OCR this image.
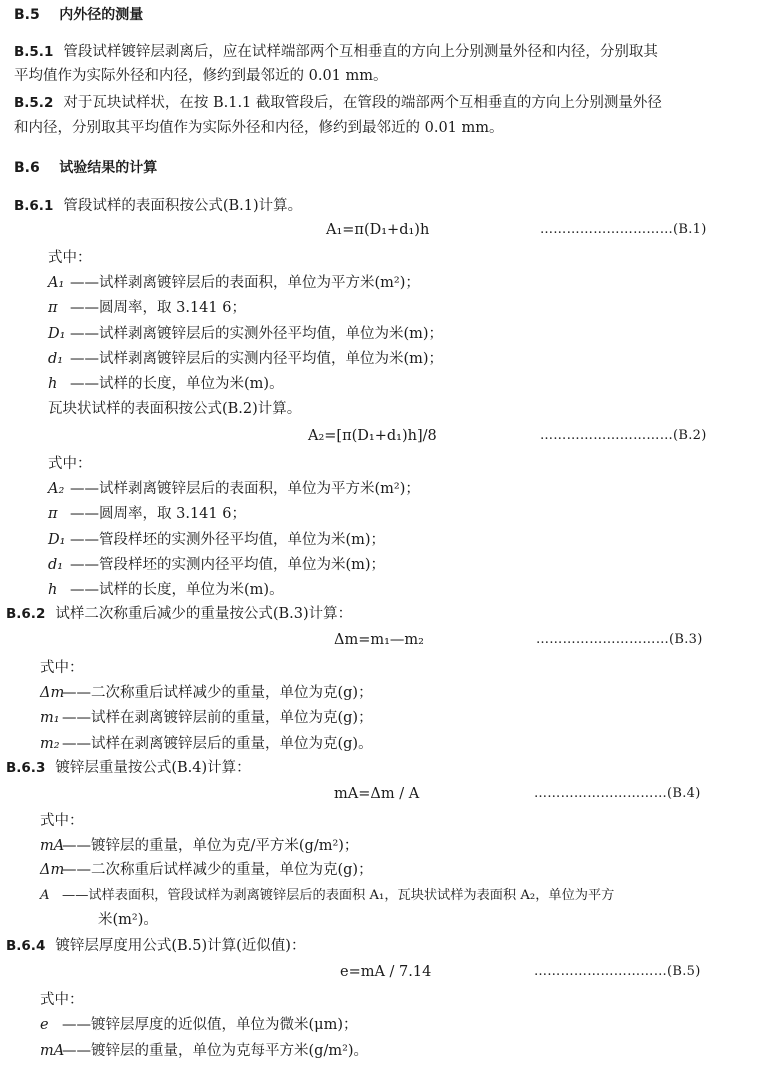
B.5 内外径的测量
B.5.1 管段试样镀锌层剥离后，应在试样端部两个互相垂直的方向上分别测量外径和内径，分别取其
平均值作为实际外径和内径，修约到最邻近的 0.01 mm。
B.5.2 对于瓦块试样状，在按 B.1.1 截取管段后，在管段的端部两个互相垂直的方向上分别测量外径
和内径，分别取其平均值作为实际外径和内径，修约到最邻近的 0.01 mm。
B.6 试验结果的计算
B.6.1 管段试样的表面积按公式(B.1)计算。
A₁=π(D₁+d₁)h	…………………………(B.1)
式中：
A₁ ——试样剥离镀锌层后的表面积，单位为平方米(m²)；
π ——圆周率，取 3.141 6；
D₁ ——试样剥离镀锌层后的实测外径平均值，单位为米(m)；
d₁ ——试样剥离镀锌层后的实测内径平均值，单位为米(m)；
h ——试样的长度，单位为米(m)。
瓦块状试样的表面积按公式(B.2)计算。
A₂=[π(D₁+d₁)h]/8	…………………………(B.2)
式中：
A₂ ——试样剥离镀锌层后的表面积，单位为平方米(m²)；
π ——圆周率，取 3.141 6；
D₁ ——管段样坯的实测外径平均值，单位为米(m)；
d₁ ——管段样坯的实测内径平均值，单位为米(m)；
h ——试样的长度，单位为米(m)。
B.6.2 试样二次称重后减少的重量按公式(B.3)计算：
Δm=m₁—m₂	…………………………(B.3)
式中：
Δm——二次称重后试样减少的重量，单位为克(g)；
m₁ ——试样在剥离镀锌层前的重量，单位为克(g)；
m₂ ——试样在剥离镀锌层后的重量，单位为克(g)。
B.6.3 镀锌层重量按公式(B.4)计算：
mA=Δm / A	…………………………(B.4)
式中：
mA——镀锌层的重量，单位为克/平方米(g/m²)；
Δm——二次称重后试样减少的重量，单位为克(g)；
A ——试样表面积，管段试样为剥离镀锌层后的表面积 A₁，瓦块状试样为表面积 A₂，单位为平方
米(m²)。
B.6.4 镀锌层厚度用公式(B.5)计算(近似值)：
e=mA / 7.14	…………………………(B.5)
式中：
e ——镀锌层厚度的近似值，单位为微米(μm)；
mA——镀锌层的重量，单位为克每平方米(g/m²)。
